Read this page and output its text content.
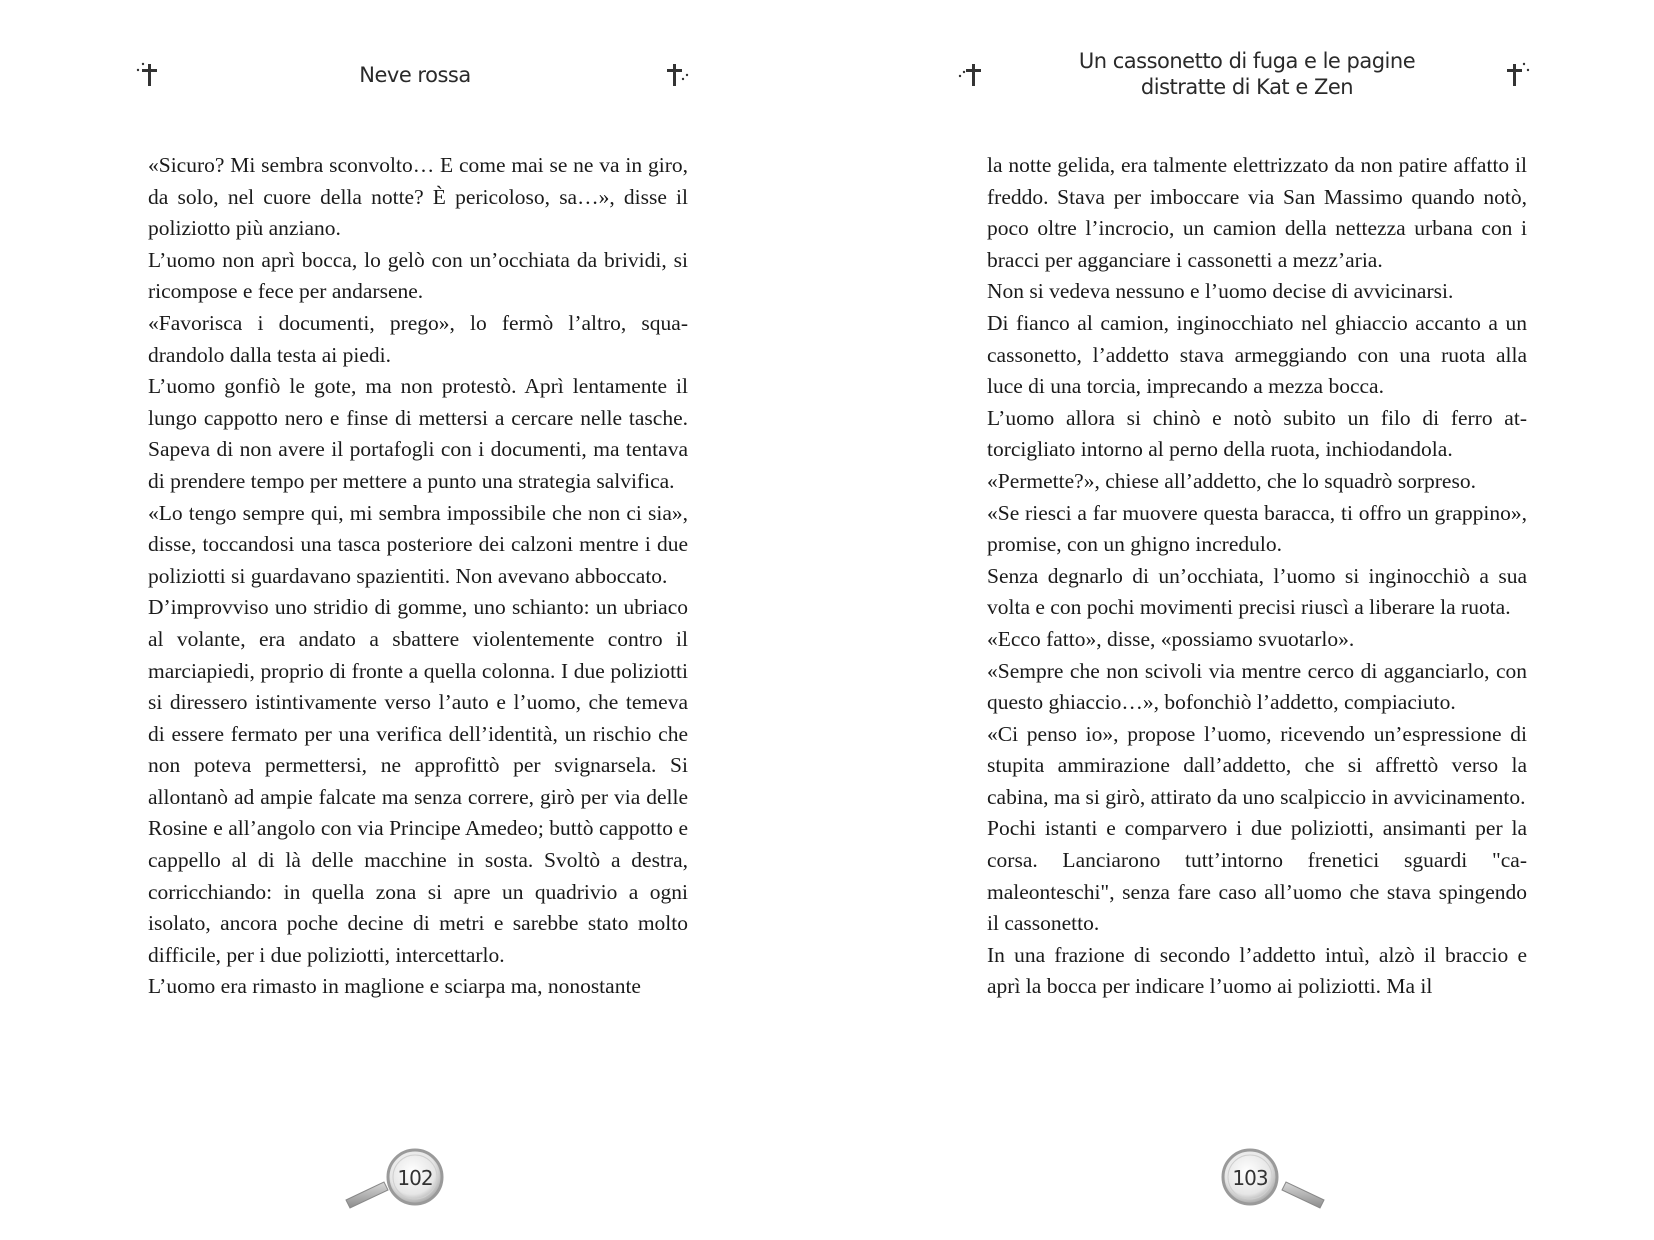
Neve rossa

«Sicuro? Mi sembra sconvolto… E come mai se ne va in giro, da solo, nel cuore della notte? È pericoloso, sa…», disse il poliziotto più anziano.

L’uomo non aprì bocca, lo gelò con un’occhiata da brividi, si ricompose e fece per andarsene.

«Favorisca i documenti, prego», lo fermò l’altro, squadrandolo dalla testa ai piedi.

L’uomo gonfiò le gote, ma non protestò. Aprì lentamente il lungo cappotto nero e finse di mettersi a cercare nelle tasche. Sapeva di non avere il portafogli con i documenti, ma tentava di prendere tempo per mettere a punto una strategia salvifica.

«Lo tengo sempre qui, mi sembra impossibile che non ci sia», disse, toccandosi una tasca posteriore dei calzoni mentre i due poliziotti si guardavano spazientiti. Non avevano abboccato.

D’improvviso uno stridio di gomme, uno schianto: un ubriaco al volante, era andato a sbattere violentemente contro il marciapiedi, proprio di fronte a quella colonna. I due poliziotti si diressero istintivamente verso l’auto e l’uomo, che temeva di essere fermato per una verifica dell’identità, un rischio che non poteva permettersi, ne approfittò per svignarsela. Si allontanò ad ampie falcate ma senza correre, girò per via delle Rosine e all’angolo con via Principe Amedeo; buttò cappotto e cappello al di là delle macchine in sosta. Svoltò a destra, corricchiando: in quella zona si apre un quadrivio a ogni isolato, ancora poche decine di metri e sarebbe stato molto difficile, per i due poliziotti, intercettarlo.

L’uomo era rimasto in maglione e sciarpa ma, nonostante

102
Un cassonetto di fuga e le pagine
distratte di Kat e Zen

la notte gelida, era talmente elettrizzato da non patire affatto il freddo. Stava per imboccare via San Massimo quando notò, poco oltre l’incrocio, un camion della nettezza urbana con i bracci per agganciare i cassonetti a mezz’aria.

Non si vedeva nessuno e l’uomo decise di avvicinarsi.

Di fianco al camion, inginocchiato nel ghiaccio accanto a un cassonetto, l’addetto stava armeggiando con una ruota alla luce di una torcia, imprecando a mezza bocca.

L’uomo allora si chinò e notò subito un filo di ferro attorcigliato intorno al perno della ruota, inchiodandola.

«Permette?», chiese all’addetto, che lo squadrò sorpreso.

«Se riesci a far muovere questa baracca, ti offro un grappino», promise, con un ghigno incredulo.

Senza degnarlo di un’occhiata, l’uomo si inginocchiò a sua volta e con pochi movimenti precisi riuscì a liberare la ruota.

«Ecco fatto», disse, «possiamo svuotarlo».

«Sempre che non scivoli via mentre cerco di agganciarlo, con questo ghiaccio…», bofonchiò l’addetto, compiaciuto.

«Ci penso io», propose l’uomo, ricevendo un’espressione di stupita ammirazione dall’addetto, che si affrettò verso la cabina, ma si girò, attirato da uno scalpiccio in avvicinamento.

Pochi istanti e comparvero i due poliziotti, ansimanti per la corsa. Lanciarono tutt’intorno frenetici sguardi "camaleonteschi", senza fare caso all’uomo che stava spingendo il cassonetto.

In una frazione di secondo l’addetto intuì, alzò il braccio e aprì la bocca per indicare l’uomo ai poliziotti. Ma il

103
